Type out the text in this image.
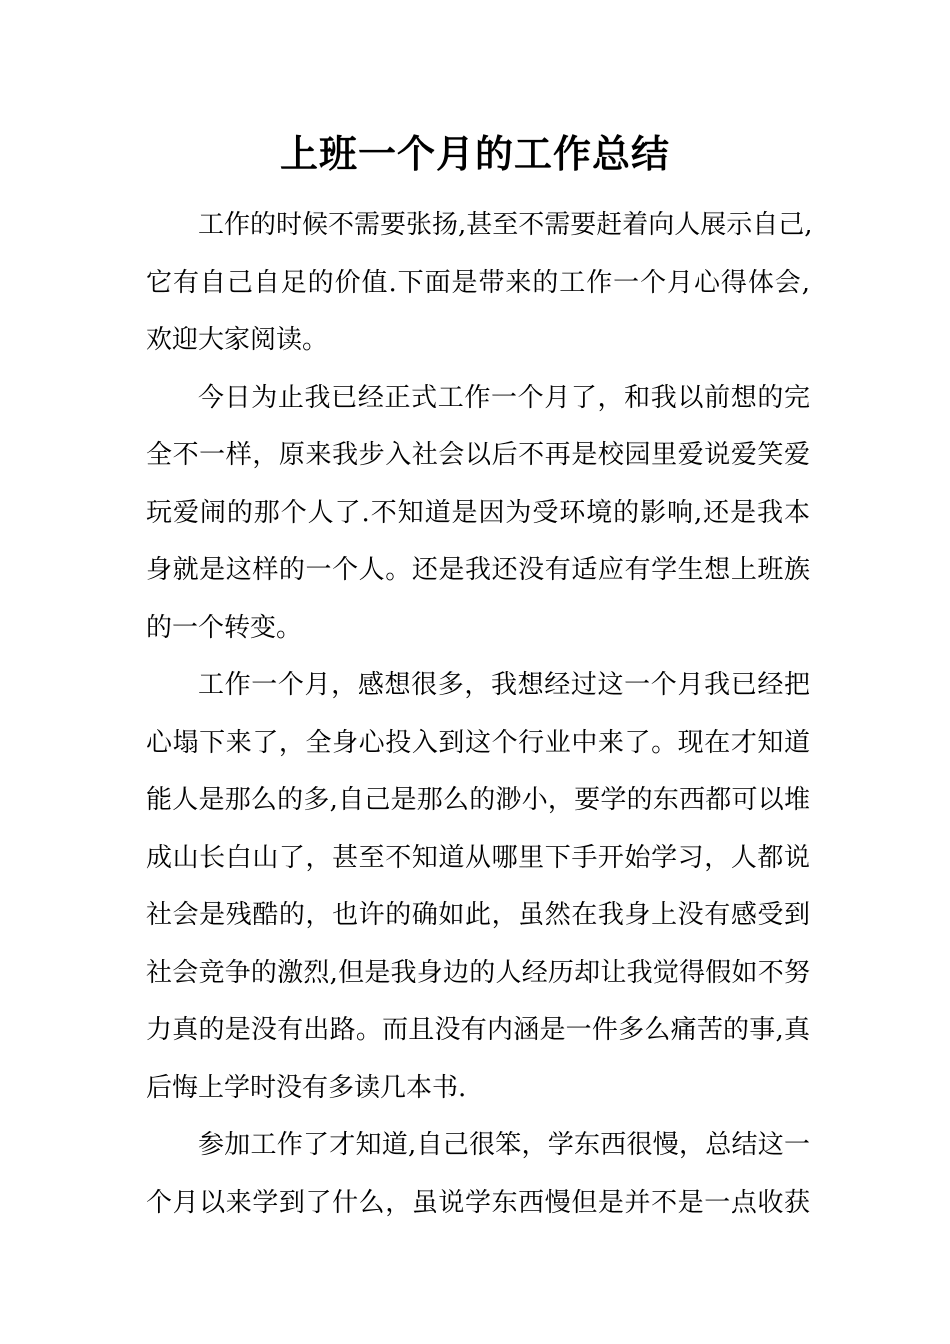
上班一个月的工作总结

工作的时候不需要张扬,甚至不需要赶着向人展示自己,
它有自己自足的价值.下面是带来的工作一个月心得体会,
欢迎大家阅读。

今日为止我已经正式工作一个月了，和我以前想的完
全不一样，原来我步入社会以后不再是校园里爱说爱笑爱
玩爱闹的那个人了.不知道是因为受环境的影响,还是我本
身就是这样的一个人。还是我还没有适应有学生想上班族
的一个转变。

工作一个月，感想很多，我想经过这一个月我已经把
心塌下来了，全身心投入到这个行业中来了。现在才知道
能人是那么的多,自己是那么的渺小，要学的东西都可以堆
成山长白山了，甚至不知道从哪里下手开始学习，人都说
社会是残酷的，也许的确如此，虽然在我身上没有感受到
社会竞争的激烈,但是我身边的人经历却让我觉得假如不努
力真的是没有出路。而且没有内涵是一件多么痛苦的事,真
后悔上学时没有多读几本书.

参加工作了才知道,自己很笨，学东西很慢，总结这一
个月以来学到了什么，虽说学东西慢但是并不是一点收获
